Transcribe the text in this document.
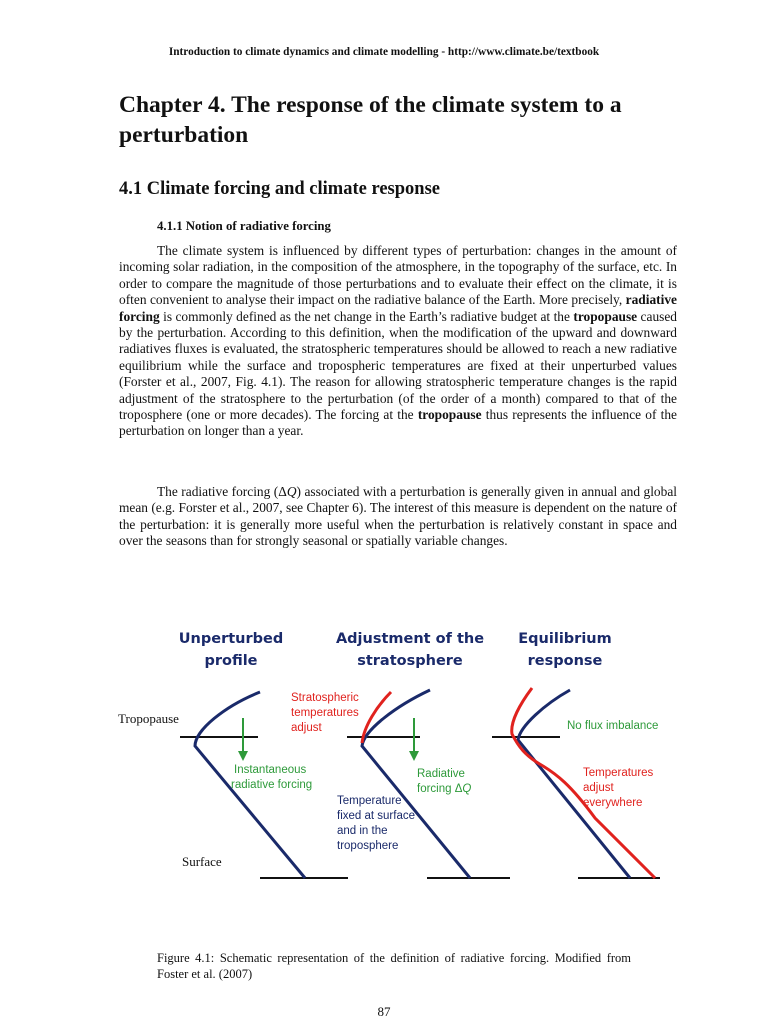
Introduction to climate dynamics and climate modelling - http://www.climate.be/textbook
Chapter 4. The response of the climate system to a perturbation
4.1 Climate forcing and climate response
4.1.1 Notion of radiative forcing

The climate system is influenced by different types of perturbation: changes in the amount of incoming solar radiation, in the composition of the atmosphere, in the topography of the surface, etc. In order to compare the magnitude of those perturbations and to evaluate their effect on the climate, it is often convenient to analyse their impact on the radiative balance of the Earth. More precisely, radiative forcing is commonly defined as the net change in the Earth’s radiative budget at the tropopause caused by the perturbation. According to this definition, when the modification of the upward and downward radiatives fluxes is evaluated, the stratospheric temperatures should be allowed to reach a new radiative equilibrium while the surface and tropospheric temperatures are fixed at their unperturbed values (Forster et al., 2007, Fig. 4.1). The reason for allowing stratospheric temperature changes is the rapid adjustment of the stratosphere to the perturbation (of the order of a month) compared to that of the troposphere (one or more decades). The forcing at the tropopause thus represents the influence of the perturbation on longer than a year.

The radiative forcing (ΔQ) associated with a perturbation is generally given in annual and global mean (e.g. Forster et al., 2007, see Chapter 6). The interest of this measure is dependent on the nature of the perturbation: it is generally more useful when the perturbation is relatively constant in space and over the seasons than for strongly seasonal or spatially variable changes.

Unperturbed
profile
Adjustment of the
stratosphere
Equilibrium
response
Tropopause
Surface
Instantaneous
radiative forcing
Stratospheric
temperatures
adjust
Radiative
forcing ΔQ
Temperature
fixed at surface
and in the
troposphere
No flux imbalance
Temperatures
adjust
everywhere

Figure 4.1: Schematic representation of the definition of radiative forcing. Modified from Foster et al. (2007)

87
